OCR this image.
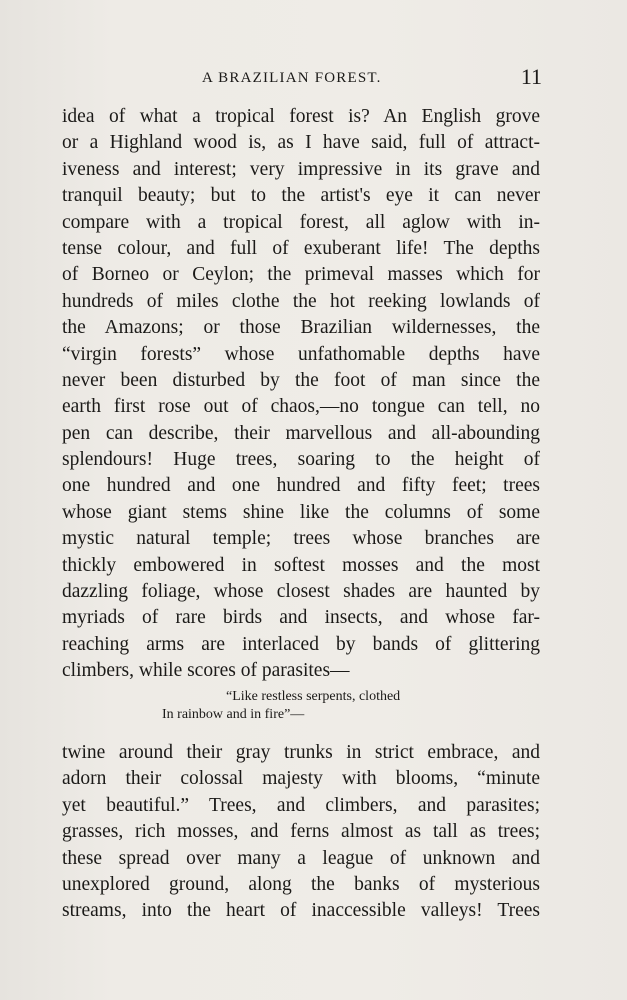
A BRAZILIAN FOREST.	11
idea of what a tropical forest is? An English grove
or a Highland wood is, as I have said, full of attract-
iveness and interest; very impressive in its grave and
tranquil beauty; but to the artist's eye it can never
compare with a tropical forest, all aglow with in-
tense colour, and full of exuberant life! The depths
of Borneo or Ceylon; the primeval masses which for
hundreds of miles clothe the hot reeking lowlands of
the Amazons; or those Brazilian wildernesses, the
“virgin forests” whose unfathomable depths have
never been disturbed by the foot of man since the
earth first rose out of chaos,—no tongue can tell, no
pen can describe, their marvellous and all-abounding
splendours! Huge trees, soaring to the height of
one hundred and one hundred and fifty feet; trees
whose giant stems shine like the columns of some
mystic natural temple; trees whose branches are
thickly embowered in softest mosses and the most
dazzling foliage, whose closest shades are haunted by
myriads of rare birds and insects, and whose far-
reaching arms are interlaced by bands of glittering
climbers, while scores of parasites—
“Like restless serpents, clothed
In rainbow and in fire”—
twine around their gray trunks in strict embrace, and
adorn their colossal majesty with blooms, “minute
yet beautiful.” Trees, and climbers, and parasites;
grasses, rich mosses, and ferns almost as tall as trees;
these spread over many a league of unknown and
unexplored ground, along the banks of mysterious
streams, into the heart of inaccessible valleys! Trees
